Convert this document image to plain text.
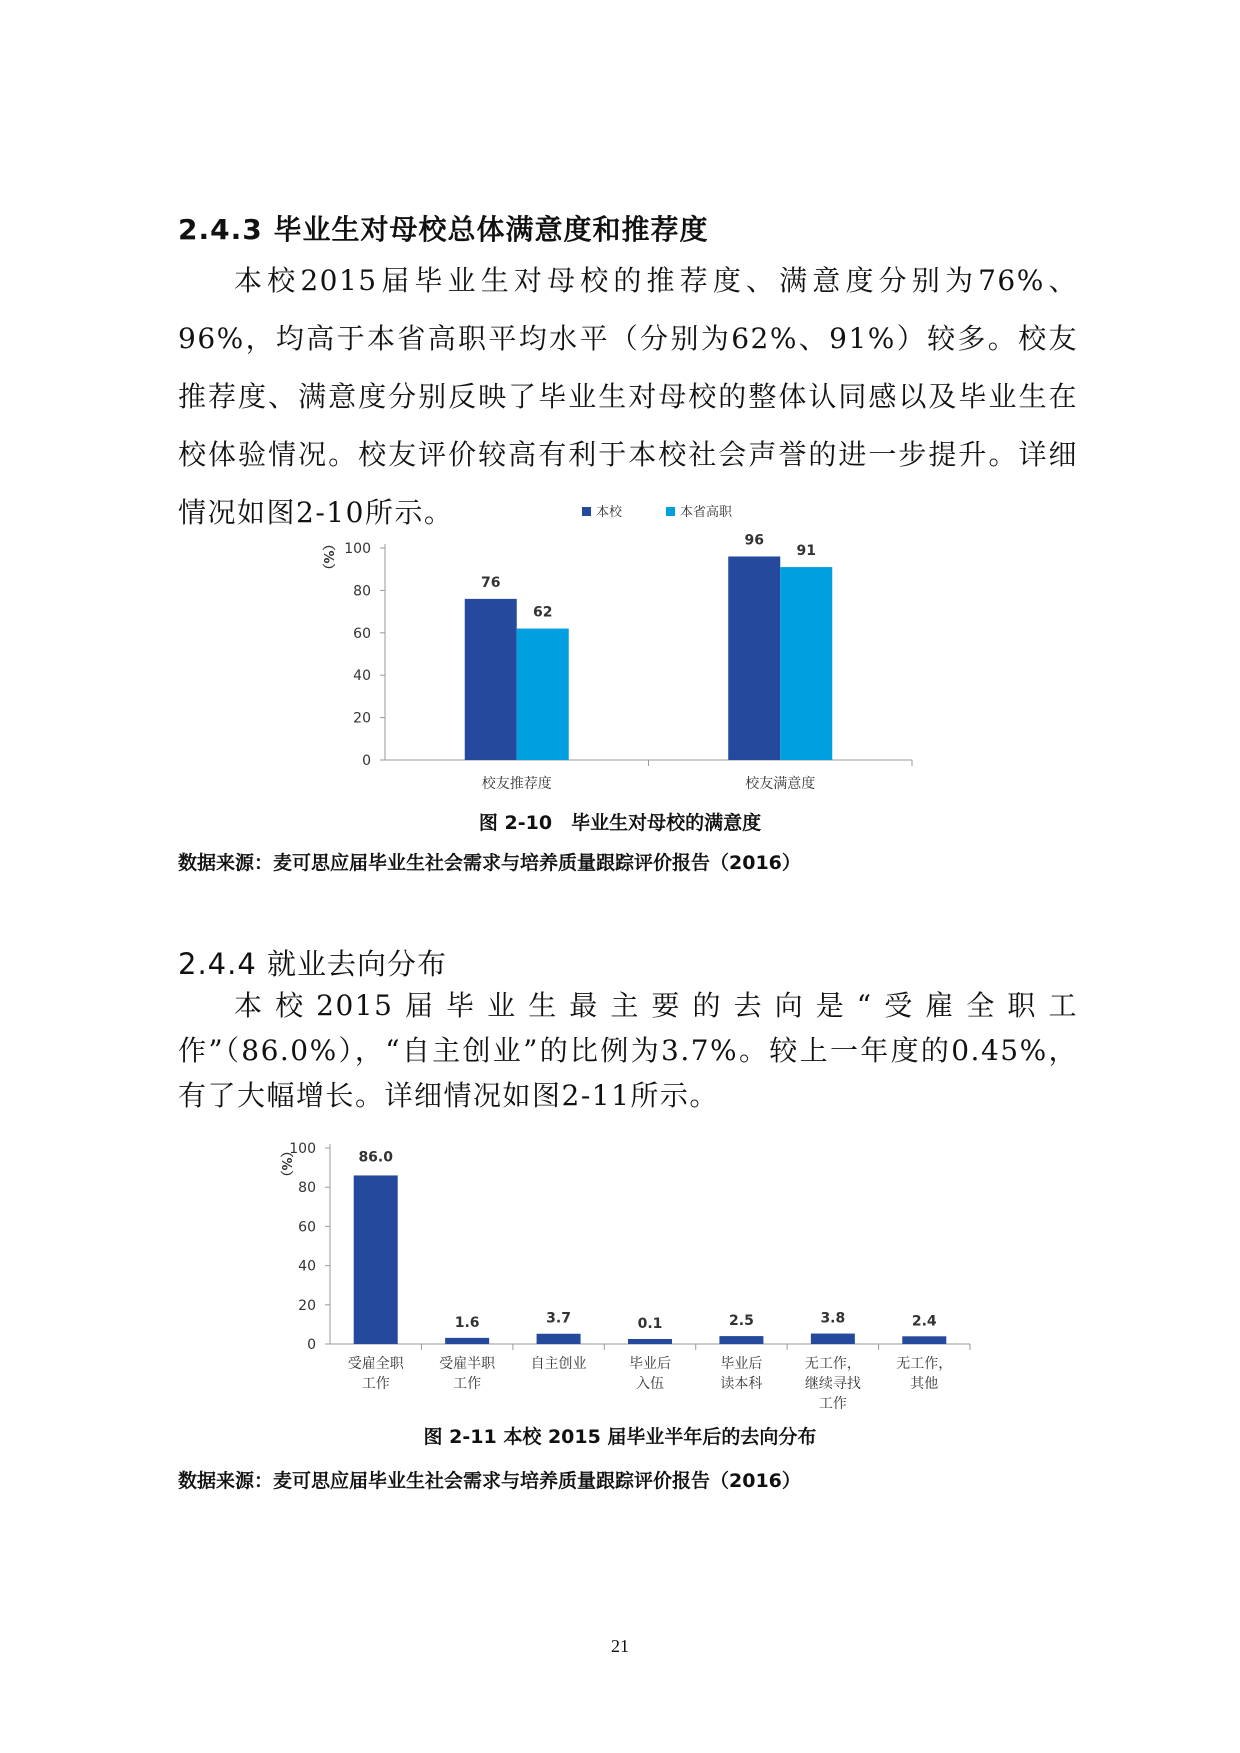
2.4.3 毕业生对母校总体满意度和推荐度

本校2015届毕业生对母校的推荐度、满意度分别为76%、96%，均高于本省高职平均水平（分别为62%、91%）较多。校友推荐度、满意度分别反映了毕业生对母校的整体认同感以及毕业生在校体验情况。校友评价较高有利于本校社会声誉的进一步提升。详细情况如图2-10所示。	本校	本省高职
0
20
40
60
80
100
（%）
76
62
校友推荐度
96
91
校友满意度
图 2-10　毕业生对母校的满意度
数据来源：麦可思应届毕业生社会需求与培养质量跟踪评价报告（2016）
2.4.4 就业去向分布

本校2015届毕业生最主要的去向是“受雇全职工作”（86.0%），“自主创业”的比例为3.7%。较上一年度的0.45%，有了大幅增长。详细情况如图2-11所示。

0
20
40
60
80
100
（%）	86.0
受雇全职
工作
1.6
受雇半职
工作
3.7
自主创业
0.1
毕业后
入伍
2.5
毕业后
读本科
3.8
无工作，
继续寻找
工作
2.4
无工作，
其他
图 2-11 本校 2015 届毕业半年后的去向分布
数据来源：麦可思应届毕业生社会需求与培养质量跟踪评价报告（2016）
21
